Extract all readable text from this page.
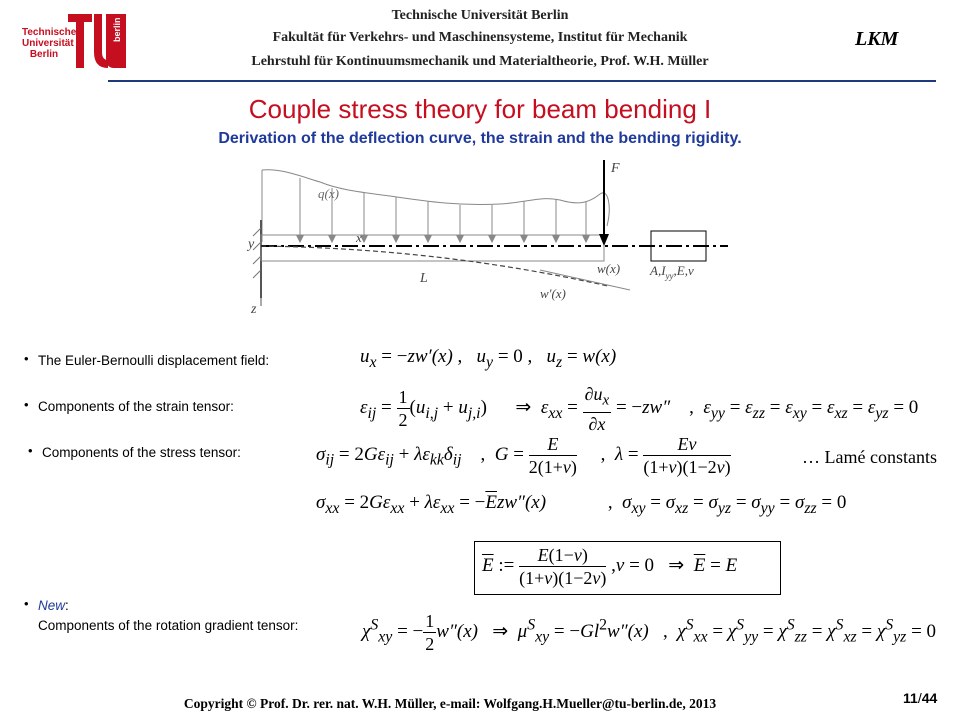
Technische
Universität
Berlin
berlin
Technische Universität Berlin
Fakultät für Verkehrs- und Maschinensysteme, Institut für Mechanik
Lehrstuhl für Kontinuumsmechanik und Materialtheorie, Prof. W.H. Müller
LKM
Couple stress theory for beam bending I
Derivation of the deflection curve, the strain and the bending rigidity.
q(x)
F
$A,I_{yy},E,\nu$
y	x
z
L
w(x)
w'(x)
• The Euler-Bernoulli displacement field:	$u_x = -zw'(x)$ ,   $u_y = 0$ ,   $u_z = w(x)$
• Components of the strain tensor:	$\varepsilon_{ij} = \frac{1}{2} (u_{i,j} + u_{j,i})$      ⇒  $\varepsilon_{xx} = \frac{\partial u_x}{\partial x} = -zw''$    ,  $\varepsilon_{yy} = \varepsilon_{zz} = \varepsilon_{xy} = \varepsilon_{xz} = \varepsilon_{yz} = 0$
• Components of the stress tensor:	$\sigma_{ij} = 2G\varepsilon_{ij} + \lambda\varepsilon_{kk}\delta_{ij}$    ,  $G = \frac{E}{2(1+\nu)}$ ,  $\lambda = \frac{E\nu}{(1+\nu)(1-2\nu)}$	… Lamé constants
$\sigma_{xx} = 2G\varepsilon_{xx} + \lambda\varepsilon_{xx} = -\overline{E}zw''(x)$             ,  $\sigma_{xy} = \sigma_{xz} = \sigma_{yz} = \sigma_{yy} = \sigma_{zz} = 0$
$\overline{E}$ := $\frac{E(1-\nu)}{(1+\nu)(1-2\nu)} ,\nu = 0$   ⇒  $\overline{E} = E$
• New:
Components of the rotation gradient tensor:	$\chi^S_{xy}$ = − $\frac{1}{2} w''(x)$   ⇒  $\mu^S_{xy} = -Gl^2w''(x)$   ,  $\chi^S_{xx} = \chi^S_{yy} = \chi^S_{zz} = \chi^S_{xz} = \chi^S_{yz} = 0$
Copyright © Prof. Dr. rer. nat. W.H. Müller, e-mail: Wolfgang.H.Mueller@tu-berlin.de, 2013	11/44
